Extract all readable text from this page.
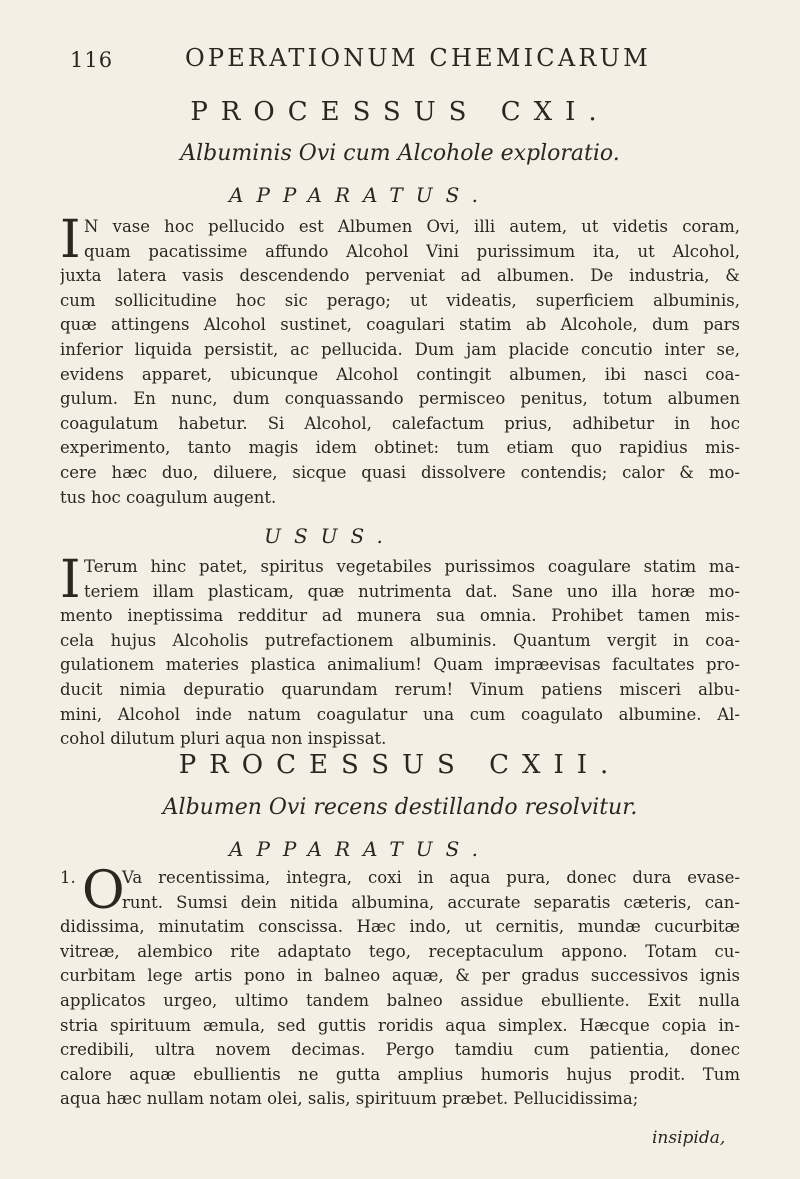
116	OPERATIONUM CHEMICARUM
PROCESSUS CXI.
Albuminis Ovi cum Alcohole exploratio.
APPARATUS.
I N vase hoc pellucido est Albumen Ovi, illi autem, ut videtis coram,
quam pacatissime affundo Alcohol Vini purissimum ita, ut Alcohol,
juxta latera vasis descendendo perveniat ad albumen. De industria, &
cum sollicitudine hoc sic perago; ut videatis, superficiem albuminis,
quæ attingens Alcohol sustinet, coagulari statim ab Alcohole, dum pars
inferior liquida persistit, ac pellucida. Dum jam placide concutio inter se,
evidens apparet, ubicunque Alcohol contingit albumen, ibi nasci coa-
gulum. En nunc, dum conquassando permisceo penitus, totum albumen
coagulatum habetur. Si Alcohol, calefactum prius, adhibetur in hoc
experimento, tanto magis idem obtinet: tum etiam quo rapidius mis-
cere hæc duo, diluere, sicque quasi dissolvere contendis; calor & mo-
tus hoc coagulum augent.
USUS.
I Terum hinc patet, spiritus vegetabiles purissimos coagulare statim ma-
teriem illam plasticam, quæ nutrimenta dat. Sane uno illa horæ mo-
mento ineptissima redditur ad munera sua omnia. Prohibet tamen mis-
cela hujus Alcoholis putrefactionem albuminis. Quantum vergit in coa-
gulationem materies plastica animalium! Quam impræevisas facultates pro-
ducit nimia depuratio quarundam rerum! Vinum patiens misceri albu-
mini, Alcohol inde natum coagulatur una cum coagulato albumine. Al-
cohol dilutum pluri aqua non inspissat.
PROCESSUS CXII.
Albumen Ovi recens destillando resolvitur.
APPARATUS.
1. O
Va recentissima, integra, coxi in aqua pura, donec dura evase-
runt. Sumsi dein nitida albumina, accurate separatis cæteris, can-
didissima, minutatim conscissa. Hæc indo, ut cernitis, mundæ cucurbitæ
vitreæ, alembico rite adaptato tego, receptaculum appono. Totam cu-
curbitam lege artis pono in balneo aquæ, & per gradus successivos ignis
applicatos urgeo, ultimo tandem balneo assidue ebulliente. Exit nulla
stria spirituum æmula, sed guttis roridis aqua simplex. Hæcque copia in-
credibili, ultra novem decimas. Pergo tamdiu cum patientia, donec
calore aquæ ebullientis ne gutta amplius humoris hujus prodit. Tum
aqua hæc nullam notam olei, salis, spirituum præbet. Pellucidissima;
insipida,
